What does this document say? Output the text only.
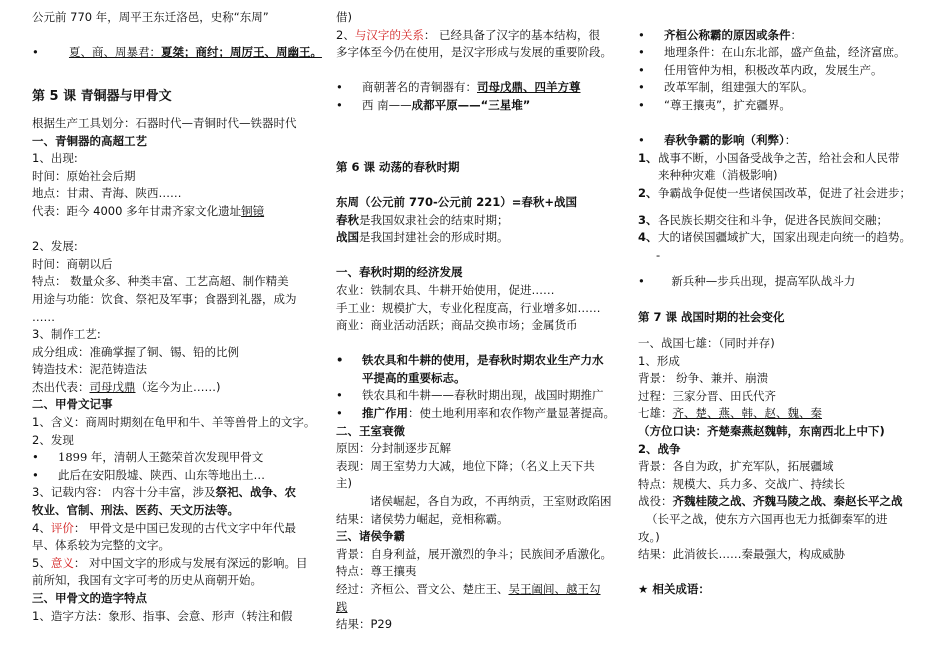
公元前 770 年，周平王东迁洛邑，史称“东周”
• 夏、商、周暴君：夏桀；商纣；周厉王、周幽王。
第 5 课 青铜器与甲骨文
根据生产工具划分：石器时代—青铜时代—铁器时代
一、青铜器的高超工艺
1、出现:
时间：原始社会后期
地点：甘肃、青海、陕西……
代表：距今 4000 多年甘肃齐家文化遗址铜镜
2、发展:
时间：商朝以后
特点： 数量众多、种类丰富、工艺高超、制作精美
用途与功能：饮食、祭祀及军事；食器到礼器，成为
……
3、制作工艺:
成分组成：准确掌握了铜、锡、铅的比例
铸造技术：泥范铸造法
杰出代表：司母戊鼎（迄今为止……)
二、甲骨文记事
1、含义：商周时期刻在龟甲和牛、羊等兽骨上的文字。
2、发现
• 1899 年，清朝人王懿荣首次发现甲骨文
• 此后在安阳殷墟、陕西、山东等地出土…
3、记载内容： 内容十分丰富，涉及祭祀、战争、农
牧业、官制、刑法、医药、天文历法等。
4、评价： 甲骨文是中国已发现的古代文字中年代最
早、体系较为完整的文字。
5、意义： 对中国文字的形成与发展有深远的影响。目
前所知，我国有文字可考的历史从商朝开始。
三、甲骨文的造字特点
1、造字方法：象形、指事、会意、形声（转注和假
借)
2、与汉字的关系： 已经具备了汉字的基本结构，很
多字体至今仍在使用，是汉字形成与发展的重要阶段。
• 商朝著名的青铜器有：司母戊鼎、四羊方尊
• 西 南——成都平原——“三星堆”
第 6 课 动荡的春秋时期
东周（公元前 770-公元前 221）=春秋+战国
春秋是我国奴隶社会的结束时期；
战国是我国封建社会的形成时期。
一、春秋时期的经济发展
农业：铁制农具、牛耕开始使用，促进……
手工业：规模扩大，专业化程度高，行业增多如……
商业：商业活动活跃；商品交换市场；金属货币
• 铁农具和牛耕的使用，是春秋时期农业生产力水
平提高的重要标志。
• 铁农具和牛耕——春秋时期出现，战国时期推广
• 推广作用：使土地利用率和农作物产量显著提高。
二、王室衰微
原因：分封制逐步瓦解
表现：周王室势力大减，地位下降；（名义上天下共
主)
诸侯崛起，各自为政，不再纳贡，王室财政陷困
结果：诸侯势力崛起，竞相称霸。
三、诸侯争霸
背景：自身利益，展开激烈的争斗；民族间矛盾激化。
特点：尊王攘夷
经过：齐桓公、晋文公、楚庄王、吴王阖闾、越王勾
践
结果：P29
• 齐桓公称霸的原因或条件：
• 地理条件：在山东北部，盛产鱼盐，经济富庶。
• 任用管仲为相，积极改革内政，发展生产。
• 改革军制，组建强大的军队。
• “尊王攘夷”，扩充疆界。
• 春秋争霸的影响（利弊）：
1、 战事不断，小国备受战争之苦，给社会和人民带
来种种灾难（消极影响)
2、 争霸战争促使一些诸侯国改革，促进了社会进步；
3、 各民族长期交往和斗争，促进各民族间交融；
4、 大的诸侯国疆域扩大，国家出现走向统一的趋势。
-
• 新兵种—步兵出现，提高军队战斗力
第 7 课 战国时期的社会变化
一、战国七雄：（同时并存)
1、形成
背景： 纷争、兼并、崩溃
过程：三家分晋、田氏代齐
七雄：齐、楚、燕、韩、赵、魏、秦
（方位口诀：齐楚秦燕赵魏韩，东南西北上中下)
2、战争
背景：各自为政，扩充军队，拓展疆域
特点：规模大、兵力多、交战广、持续长
战役：齐魏桂陵之战、齐魏马陵之战、秦赵长平之战
（长平之战，使东方六国再也无力抵御秦军的进
攻。)
结果：此消彼长……秦最强大，构成威胁
★ 相关成语：
